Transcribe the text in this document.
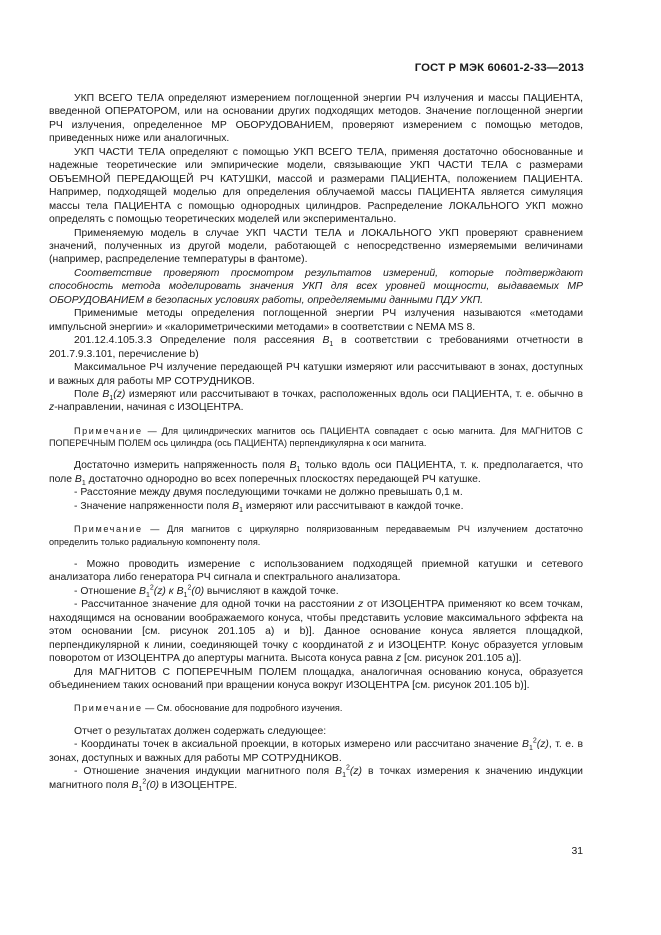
ГОСТ Р МЭК 60601-2-33—2013

УКП ВСЕГО ТЕЛА определяют измерением поглощенной энергии РЧ излучения и массы ПАЦИЕНТА, введенной ОПЕРАТОРОМ, или на основании других подходящих методов. Значение поглощенной энергии РЧ излучения, определенное МР ОБОРУДОВАНИЕМ, проверяют измерением с помощью методов, приведенных ниже или аналогичных.

УКП ЧАСТИ ТЕЛА определяют с помощью УКП ВСЕГО ТЕЛА, применяя достаточно обоснованные и надежные теоретические или эмпирические модели, связывающие УКП ЧАСТИ ТЕЛА с размерами ОБЪЕМНОЙ ПЕРЕДАЮЩЕЙ РЧ КАТУШКИ, массой и размерами ПАЦИЕНТА, положением ПАЦИЕНТА. Например, подходящей моделью для определения облучаемой массы ПАЦИЕНТА является симуляция массы тела ПАЦИЕНТА с помощью однородных цилиндров. Распределение ЛОКАЛЬНОГО УКП можно определять с помощью теоретических моделей или экспериментально.

Применяемую модель в случае УКП ЧАСТИ ТЕЛА и ЛОКАЛЬНОГО УКП проверяют сравнением значений, полученных из другой модели, работающей с непосредственно измеряемыми величинами (например, распределение температуры в фантоме).

Соответствие проверяют просмотром результатов измерений, которые подтверждают способность метода моделировать значения УКП для всех уровней мощности, выдаваемых МР ОБОРУДОВАНИЕМ в безопасных условиях работы, определяемыми данными ПДУ УКП.

Применимые методы определения поглощенной энергии РЧ излучения называются «методами импульсной энергии» и «калориметрическими методами» в соответствии с NEMA MS 8.

201.12.4.105.3.3 Определение поля рассеяния $B_1$ в соответствии с требованиями отчетности в 201.7.9.3.101, перечисление b)

Максимальное РЧ излучение передающей РЧ катушки измеряют или рассчитывают в зонах, доступных и важных для работы МР СОТРУДНИКОВ.

Поле $B_1(z)$ измеряют или рассчитывают в точках, расположенных вдоль оси ПАЦИЕНТА, т. е. обычно в z-направлении, начиная с ИЗОЦЕНТРА.

Примечание — Для цилиндрических магнитов ось ПАЦИЕНТА совпадает с осью магнита. Для МАГНИТОВ С ПОПЕРЕЧНЫМ ПОЛЕМ ось цилиндра (ось ПАЦИЕНТА) перпендикулярна к оси магнита.

Достаточно измерить напряженность поля $B_1$ только вдоль оси ПАЦИЕНТА, т. к. предполагается, что поле $B_1$ достаточно однородно во всех поперечных плоскостях передающей РЧ катушке.

- Расстояние между двумя последующими точками не должно превышать 0,1 м.

- Значение напряженности поля $B_1$ измеряют или рассчитывают в каждой точке.

Примечание — Для магнитов с циркулярно поляризованным передаваемым РЧ излучением достаточно определить только радиальную компоненту поля.

- Можно проводить измерение с использованием подходящей приемной катушки и сетевого анализатора либо генератора РЧ сигнала и спектрального анализатора.

- Отношение $B_1^2(z)$ к $B_1^2(0)$ вычисляют в каждой точке.

- Рассчитанное значение для одной точки на расстоянии z от ИЗОЦЕНТРА применяют ко всем точкам, находящимся на основании воображаемого конуса, чтобы представить условие максимального эффекта на этом основании [см. рисунок 201.105 а) и b)]. Данное основание конуса является площадкой, перпендикулярной к линии, соединяющей точку с координатой z и ИЗОЦЕНТР. Конус образуется угловым поворотом от ИЗОЦЕНТРА до апертуры магнита. Высота конуса равна z [см. рисунок 201.105 а)].

Для МАГНИТОВ С ПОПЕРЕЧНЫМ ПОЛЕМ площадка, аналогичная основанию конуса, образуется объединением таких оснований при вращении конуса вокруг ИЗОЦЕНТРА [см. рисунок 201.105 b)].

Примечание — См. обоснование для подробного изучения.

Отчет о результатах должен содержать следующее:

- Координаты точек в аксиальной проекции, в которых измерено или рассчитано значение $B_1^2(z)$, т. е. в зонах, доступных и важных для работы МР СОТРУДНИКОВ.

- Отношение значения индукции магнитного поля $B_1^2(z)$ в точках измерения к значению индукции магнитного поля $B_1^2(0)$ в ИЗОЦЕНТРЕ.

31
